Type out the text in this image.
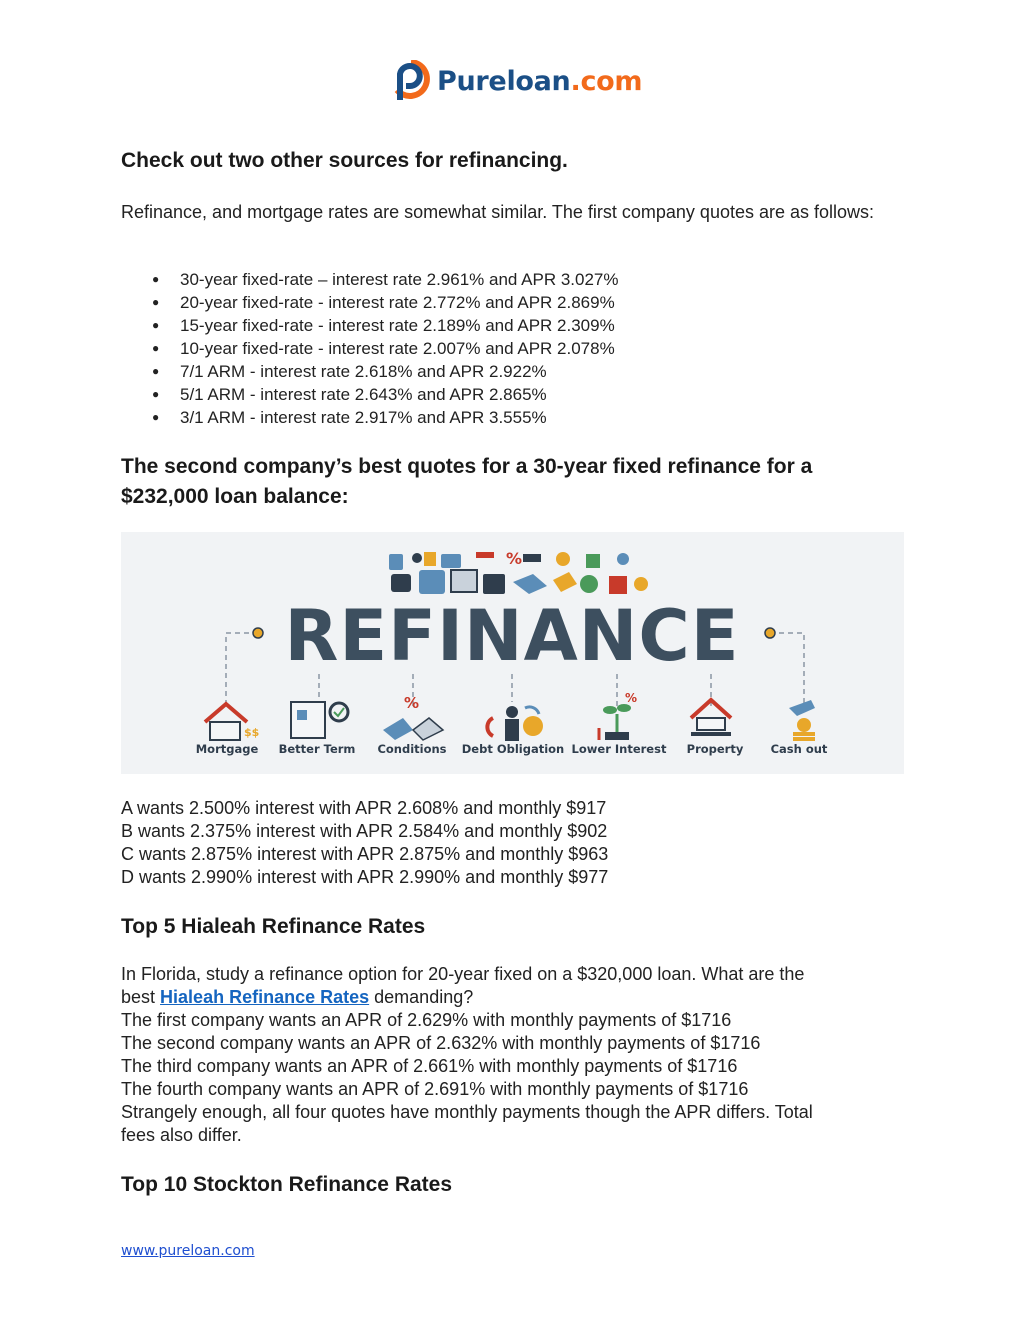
Pureloan.com
Check out two other sources for refinancing.

Refinance, and mortgage rates are somewhat similar. The first company quotes are as follows:

● 30-year fixed-rate – interest rate 2.961% and APR 3.027%
● 20-year fixed-rate - interest rate 2.772% and APR 2.869%
● 15-year fixed-rate - interest rate 2.189% and APR 2.309%
● 10-year fixed-rate - interest rate 2.007% and APR 2.078%
● 7/1 ARM - interest rate 2.618% and APR 2.922%
● 5/1 ARM - interest rate 2.643% and APR 2.865%
● 3/1 ARM - interest rate 2.917% and APR 3.555%
The second company’s best quotes for a 30-year fixed refinance for a
$232,000 loan balance:

A wants 2.500% interest with APR 2.608% and monthly $917

B wants 2.375% interest with APR 2.584% and monthly $902

C wants 2.875% interest with APR 2.875% and monthly $963

D wants 2.990% interest with APR 2.990% and monthly $977

Top 5 Hialeah Refinance Rates

In Florida, study a refinance option for 20-year fixed on a $320,000 loan. What are the

best Hialeah Refinance Rates demanding?

The first company wants an APR of 2.629% with monthly payments of $1716

The second company wants an APR of 2.632% with monthly payments of $1716

The third company wants an APR of 2.661% with monthly payments of $1716

The fourth company wants an APR of 2.691% with monthly payments of $1716

Strangely enough, all four quotes have monthly payments though the APR differs. Total

fees also differ.

Top 10 Stockton Refinance Rates
%
REFINANCE
$$
%	%
Mortgage Better Term Conditions Debt Obligation Lower Interest Property Cash out
www.pureloan.com
